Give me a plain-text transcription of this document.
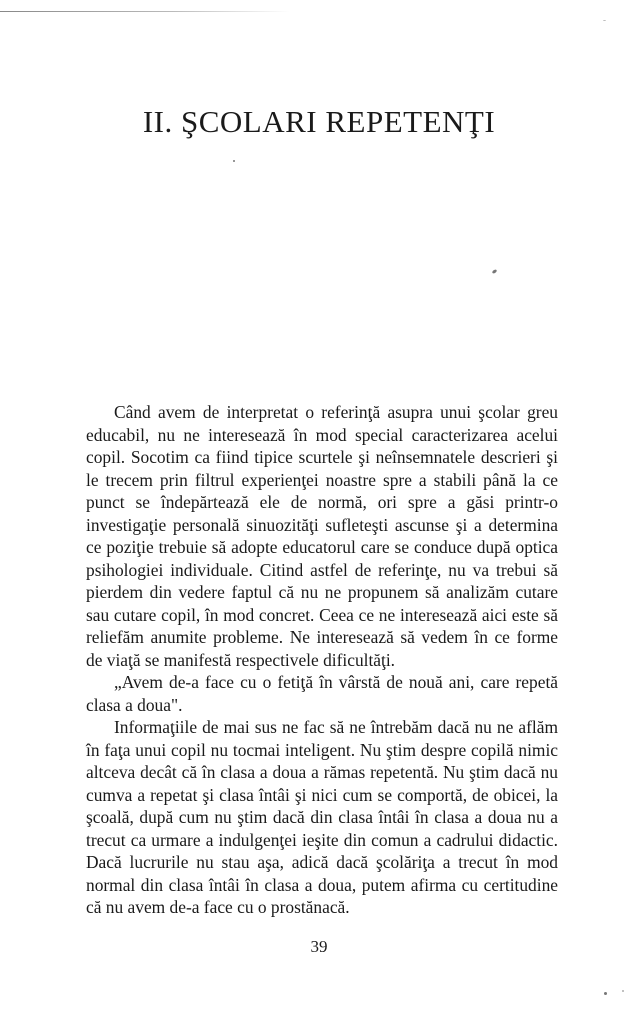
II. ŞCOLARI REPETENŢI

Când avem de interpretat o referinţă asupra unui şcolar greu educabil, nu ne interesează în mod special caracterizarea acelui copil. Socotim ca fiind tipice scurtele şi neînsemnatele descrieri şi le trecem prin filtrul experienţei noastre spre a stabili până la ce punct se îndepărtează ele de normă, ori spre a găsi printr-o investigaţie personală sinuozităţi sufleteşti ascunse şi a determina ce poziţie trebuie să adopte educatorul care se conduce după optica psihologiei individuale. Citind astfel de referinţe, nu va trebui să pierdem din vedere faptul că nu ne propunem să analizăm cutare sau cutare copil, în mod concret. Ceea ce ne interesează aici este să reliefăm anumite probleme. Ne interesează să vedem în ce forme de viaţă se manifestă respectivele dificultăţi.

„Avem de-a face cu o fetiţă în vârstă de nouă ani, care repetă clasa a doua".

Informaţiile de mai sus ne fac să ne întrebăm dacă nu ne aflăm în faţa unui copil nu tocmai inteligent. Nu ştim despre copilă nimic altceva decât că în clasa a doua a rămas repetentă. Nu ştim dacă nu cumva a repetat şi clasa întâi şi nici cum se comportă, de obicei, la şcoală, după cum nu ştim dacă din clasa întâi în clasa a doua nu a trecut ca urmare a indulgenţei ieşite din comun a cadrului didactic. Dacă lucrurile nu stau aşa, adică dacă şcolăriţa a trecut în mod normal din clasa întâi în clasa a doua, putem afirma cu certitudine că nu avem de-a face cu o prostănacă.

39
